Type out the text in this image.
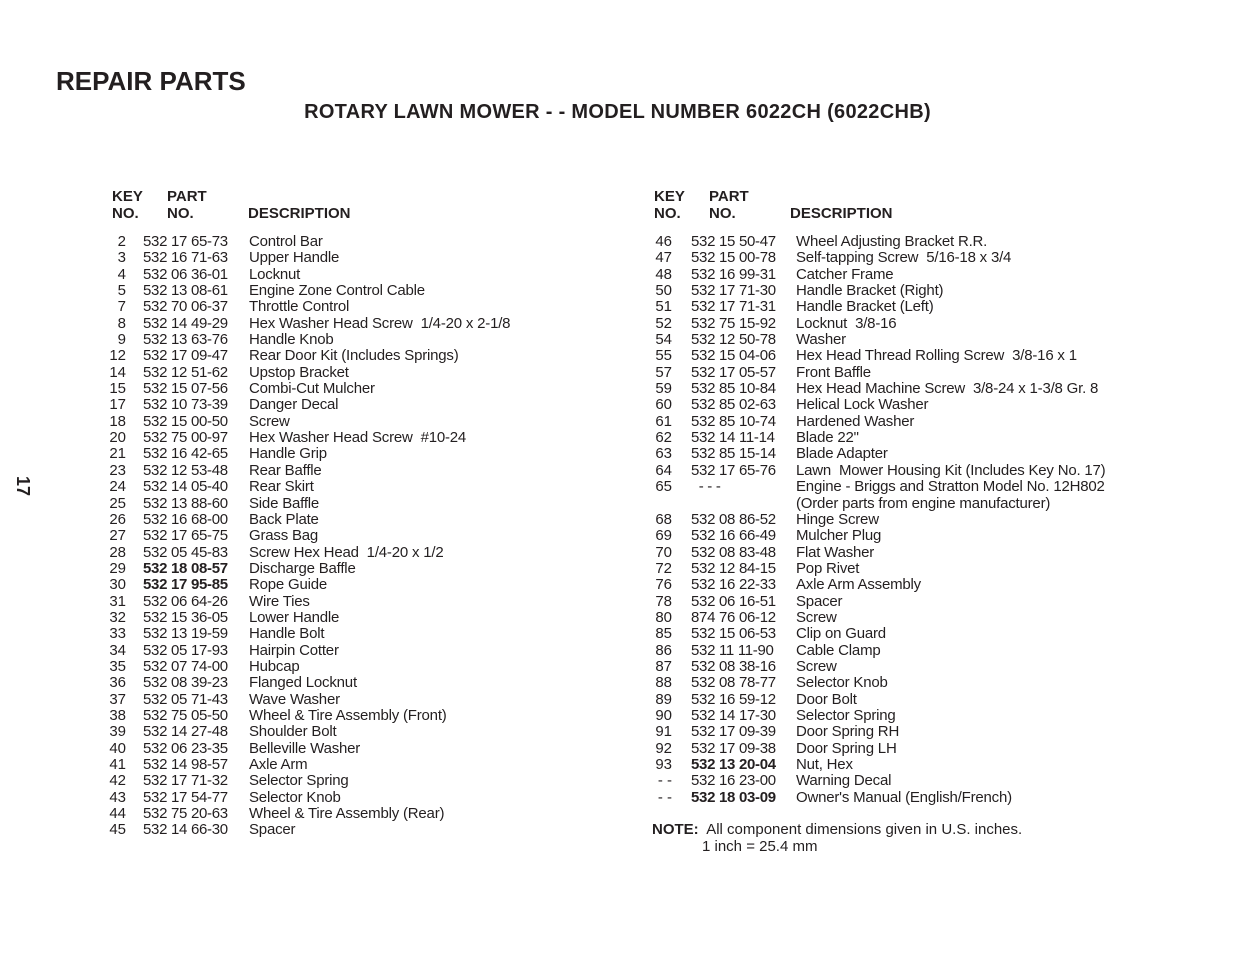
REPAIR PARTS
ROTARY LAWN MOWER - - MODEL NUMBER 6022CH (6022CHB)
17
KEY
NO.
PART
NO.	DESCRIPTION
2 532 17 65-73 Control Bar
3 532 16 71-63 Upper Handle
4 532 06 36-01 Locknut
5 532 13 08-61 Engine Zone Control Cable
7 532 70 06-37 Throttle Control
8 532 14 49-29 Hex Washer Head Screw  1/4-20 x 2-1/8
9 532 13 63-76 Handle Knob
12 532 17 09-47 Rear Door Kit (Includes Springs)
14 532 12 51-62 Upstop Bracket
15 532 15 07-56 Combi-Cut Mulcher
17 532 10 73-39 Danger Decal
18 532 15 00-50 Screw
20 532 75 00-97 Hex Washer Head Screw  #10-24
21 532 16 42-65 Handle Grip
23 532 12 53-48 Rear Baffle
24 532 14 05-40 Rear Skirt
25 532 13 88-60 Side Baffle
26 532 16 68-00 Back Plate
27 532 17 65-75 Grass Bag
28 532 05 45-83 Screw Hex Head  1/4-20 x 1/2
29 532 18 08-57 Discharge Baffle
30 532 17 95-85 Rope Guide
31 532 06 64-26 Wire Ties
32 532 15 36-05 Lower Handle
33 532 13 19-59 Handle Bolt
34 532 05 17-93 Hairpin Cotter
35 532 07 74-00 Hubcap
36 532 08 39-23 Flanged Locknut
37 532 05 71-43 Wave Washer
38 532 75 05-50 Wheel & Tire Assembly (Front)
39 532 14 27-48 Shoulder Bolt
40 532 06 23-35 Belleville Washer
41 532 14 98-57 Axle Arm
42 532 17 71-32 Selector Spring
43 532 17 54-77 Selector Knob
44 532 75 20-63 Wheel & Tire Assembly (Rear)
45 532 14 66-30 Spacer
KEY
NO.
PART
NO.	DESCRIPTION
46 532 15 50-47 Wheel Adjusting Bracket R.R.
47 532 15 00-78 Self-tapping Screw  5/16-18 x 3/4
48 532 16 99-31 Catcher Frame
50 532 17 71-30 Handle Bracket (Right)
51 532 17 71-31 Handle Bracket (Left)
52 532 75 15-92 Locknut  3/8-16
54 532 12 50-78 Washer
55 532 15 04-06 Hex Head Thread Rolling Screw  3/8-16 x 1
57 532 17 05-57 Front Baffle
59 532 85 10-84 Hex Head Machine Screw  3/8-24 x 1-3/8 Gr. 8
60 532 85 02-63 Helical Lock Washer
61 532 85 10-74 Hardened Washer
62 532 14 11-14 Blade 22"
63 532 85 15-14 Blade Adapter
64 532 17 65-76 Lawn  Mower Housing Kit (Includes Key No. 17)
65 - - -	Engine - Briggs and Stratton Model No. 12H802
(Order parts from engine manufacturer)
68 532 08 86-52 Hinge Screw
69 532 16 66-49 Mulcher Plug
70 532 08 83-48 Flat Washer
72 532 12 84-15 Pop Rivet
76 532 16 22-33 Axle Arm Assembly
78 532 06 16-51 Spacer
80 874 76 06-12 Screw
85 532 15 06-53 Clip on Guard
86 532 11 11-90 Cable Clamp
87 532 08 38-16 Screw
88 532 08 78-77 Selector Knob
89 532 16 59-12 Door Bolt
90 532 14 17-30 Selector Spring
91 532 17 09-39 Door Spring RH
92 532 17 09-38 Door Spring LH
93 532 13 20-04 Nut, Hex
- - 532 16 23-00 Warning Decal
- - 532 18 03-09 Owner's Manual (English/French)
NOTE: All component dimensions given in U.S. inches.
1 inch = 25.4 mm
